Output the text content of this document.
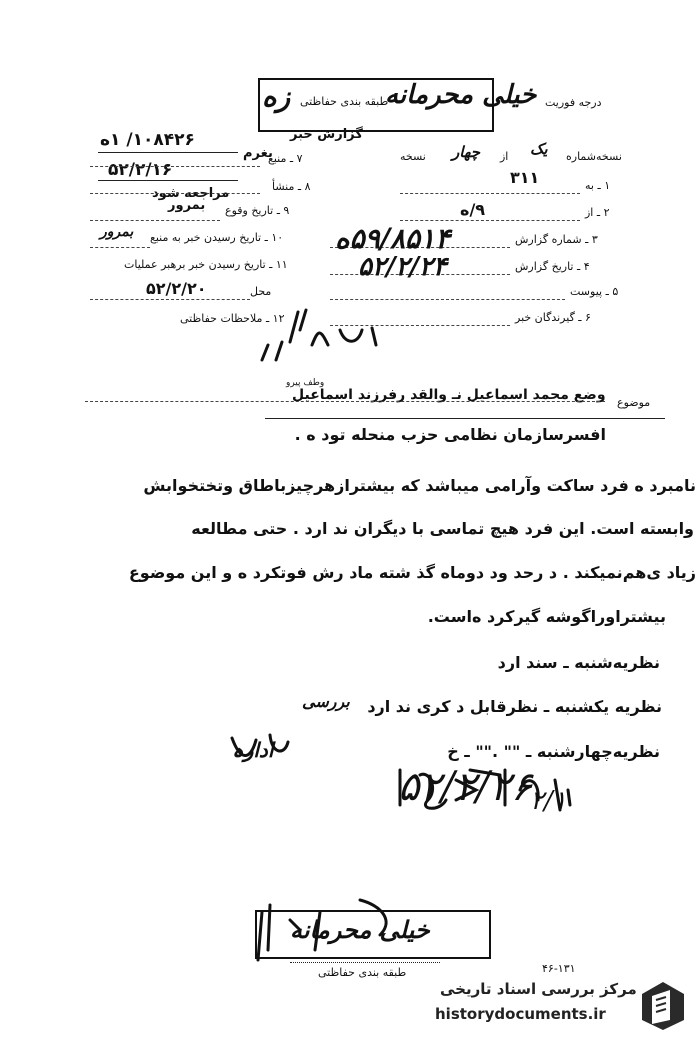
درجه فوریت
طبقه بندی حفاظتی
خیلی محرمانه
زه
گزارش خبر
نسخه چهار از یک نسخه‌شماره
۱۰۸۴۲۶/ ۱ه
بغرم
۵۲/۲/۱۶
۷ ـ منبع
۸ ـ منشأ
مراجعه شود
۹ ـ تاریخ وقوع
بمرور
۱۰ ـ تاریخ رسیدن خبر به منبع
بمرور
۱۱ ـ تاریخ رسیدن خبر برهبر عملیات
محل
۵۲/۲/۲۰
۱۲ ـ ملاحظات حفاظتی
۱ ـ به
۳۱۱
۲ ـ از
۹/ه
۳ ـ شماره گزارش
۴ ـ تاریخ گزارش
۵ ـ پیوست
۶ ـ گیرندگان خبر
۵۹/۸۵۱۴ه
۵۲/۲/۲۴
موضوع
وضع محمد اسماعیل نـ والقد رفرزند اسماعیل
وطف پیرو
افسرسازمان نظامی حزب منحله تود ه .
نامبرد ه فرد ساکت وآرامی میباشد که بیشترازهرچیزباطاق وتختخوابش
وابسته است. این فرد هیچ تماسی با دیگران ند ارد . حتی مطالعه
زیاد ی‌هم‌نمیکند . د رحد ود دوماه گذ شته ماد رش فوتکرد ه و این موضوع
بیشتراوراگوشه گیرکرد ه‌است.
نظریه‌شنبه ـ سند ارد
نظریه یکشنبه ـ نظرقابل د کری ند ارد
بررسی
نظریه‌چهارشنبه ـ "" ."" ـ خ
ادارہ
۵۲/۲/۲۶
۲/۱
خیلی محرمانه
۴۶-۱۳۱
طبقه بندی حفاظتی
مرکز بررسی اسناد تاریخی
historydocuments.ir
